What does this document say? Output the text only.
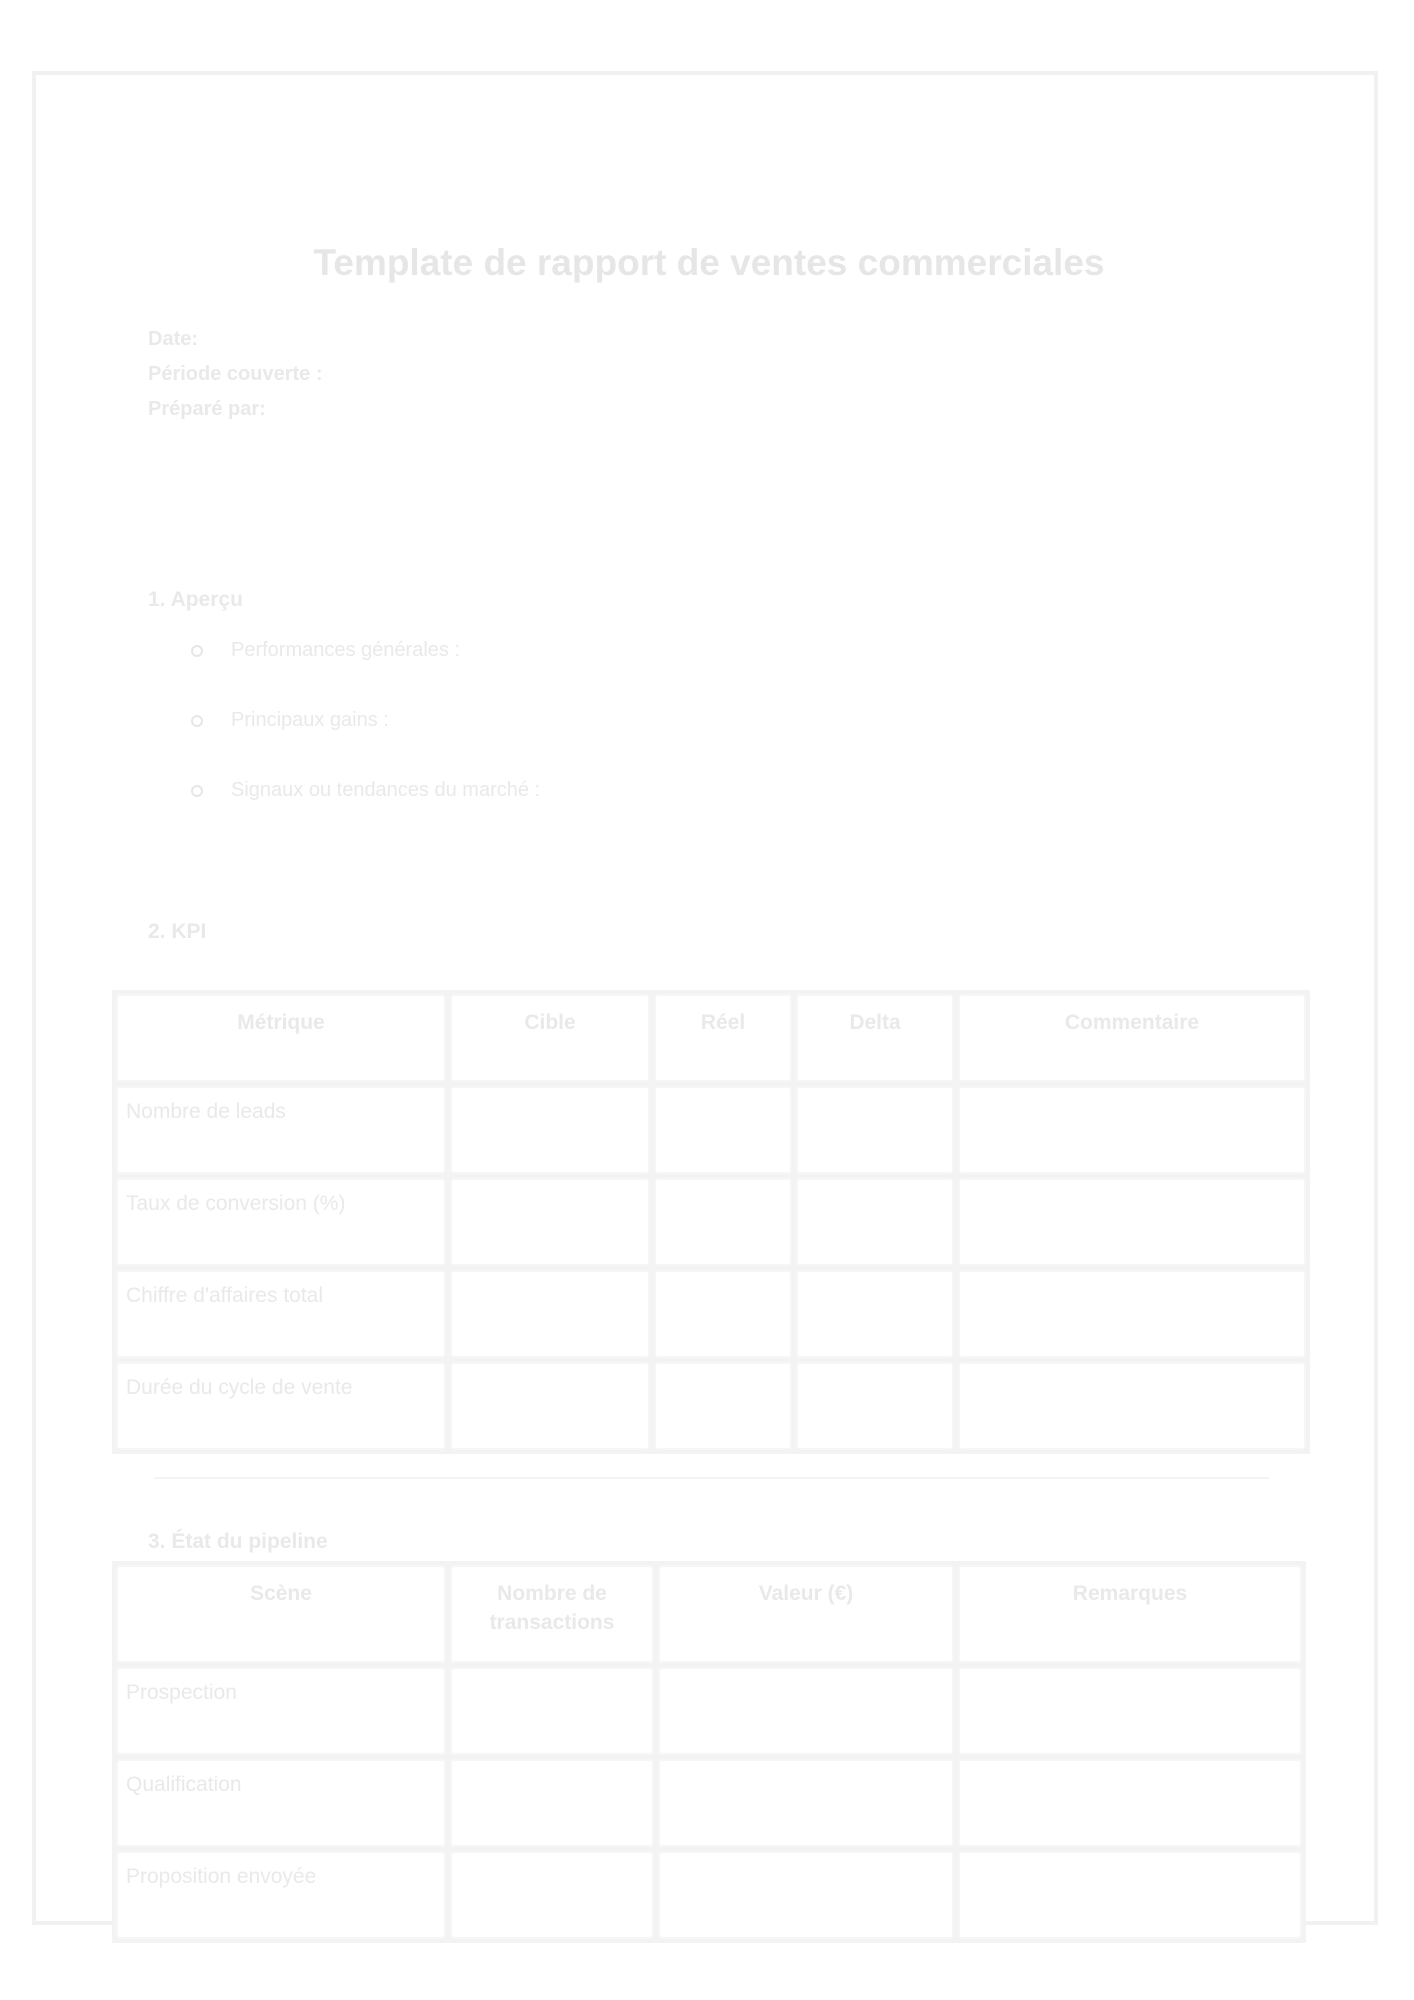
Template de rapport de ventes commerciales
Date:
Période couverte :
Préparé par:
1. Aperçu
Performances générales :
Principaux gains :
Signaux ou tendances du marché :
2. KPI
Métrique	Cible	Réel	Delta	Commentaire
Nombre de leads				
Taux de conversion (%)				
Chiffre d'affaires total				
Durée du cycle de vente				
3. État du pipeline
Scène	Nombre de transactions	Valeur (€)	Remarques
Prospection			
Qualification			
Proposition envoyée			
